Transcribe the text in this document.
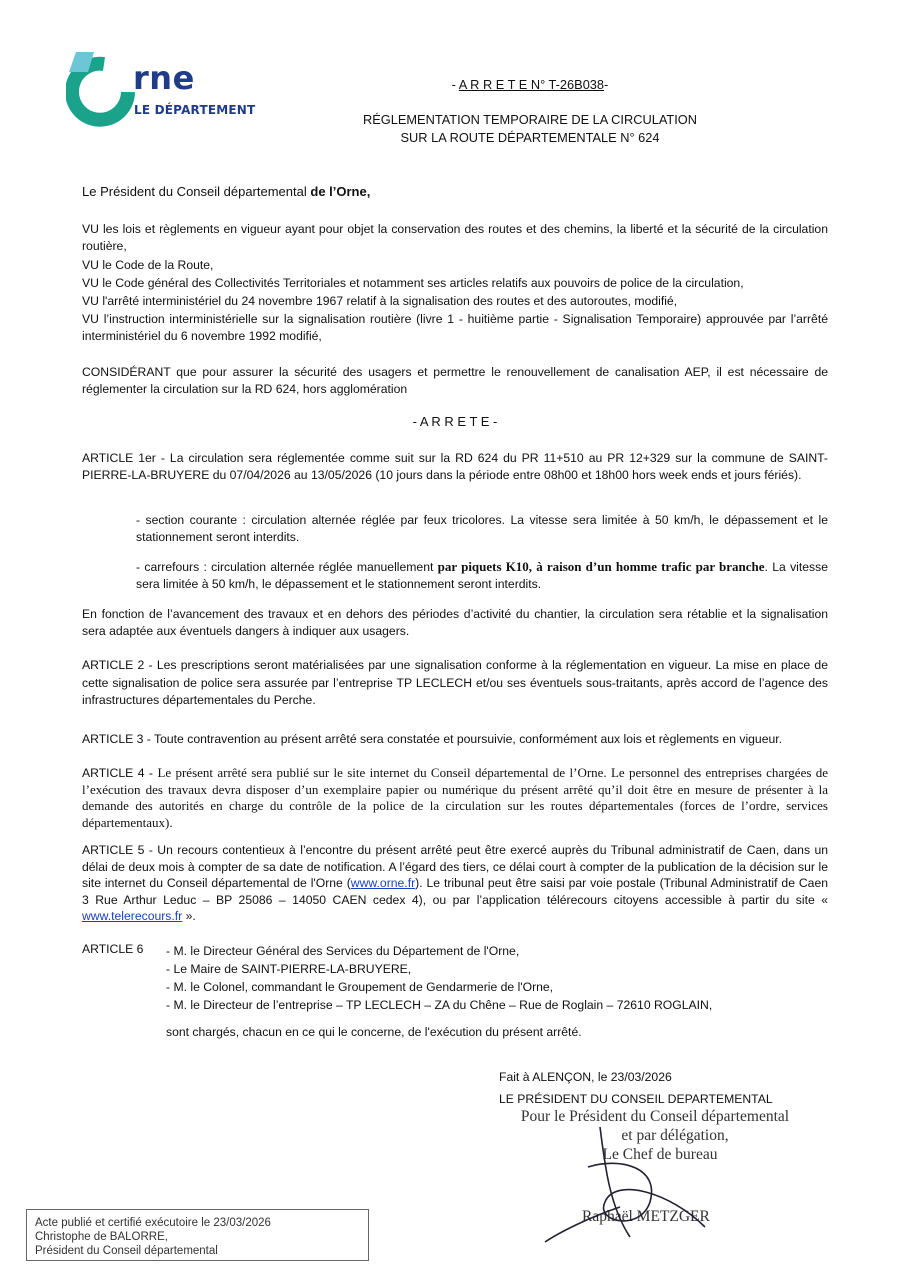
rne
LE DÉPARTEMENT
- A R R E T E N° T-26B038-
RÉGLEMENTATION TEMPORAIRE DE LA CIRCULATION
SUR LA ROUTE DÉPARTEMENTALE N° 624
Le Président du Conseil départemental de l’Orne,
VU les lois et règlements en vigueur ayant pour objet la conservation des routes et des chemins, la liberté et la sécurité de la circulation routière,
VU le Code de la Route,
VU le Code général des Collectivités Territoriales et notamment ses articles relatifs aux pouvoirs de police de la circulation,
VU l'arrêté interministériel du 24 novembre 1967 relatif à la signalisation des routes et des autoroutes, modifié,
VU l’instruction interministérielle sur la signalisation routière (livre 1 - huitième partie - Signalisation Temporaire) approuvée par l’arrêté interministériel du 6 novembre 1992 modifié,
CONSIDÉRANT que pour assurer la sécurité des usagers et permettre le renouvellement de canalisation AEP, il est nécessaire de réglementer la circulation sur la RD 624, hors agglomération
- A R R E T E -
ARTICLE 1er - La circulation sera réglementée comme suit sur la RD 624 du PR 11+510 au PR 12+329 sur la commune de SAINT-PIERRE-LA-BRUYERE du 07/04/2026 au 13/05/2026 (10 jours dans la période entre 08h00 et 18h00 hors week ends et jours fériés).
- section courante : circulation alternée réglée par feux tricolores. La vitesse sera limitée à 50 km/h, le dépassement et le stationnement seront interdits.
- carrefours : circulation alternée réglée manuellement par piquets K10, à raison d’un homme trafic par branche. La vitesse sera limitée à 50 km/h, le dépassement et le stationnement seront interdits.
En fonction de l’avancement des travaux et en dehors des périodes d’activité du chantier, la circulation sera rétablie et la signalisation sera adaptée aux éventuels dangers à indiquer aux usagers.
ARTICLE 2 - Les prescriptions seront matérialisées par une signalisation conforme à la réglementation en vigueur. La mise en place de cette signalisation de police sera assurée par l’entreprise TP LECLECH et/ou ses éventuels sous-traitants, après accord de l’agence des infrastructures départementales du Perche.
ARTICLE 3 - Toute contravention au présent arrêté sera constatée et poursuivie, conformément aux lois et règlements en vigueur.
ARTICLE 4 - Le présent arrêté sera publié sur le site internet du Conseil départemental de l’Orne. Le personnel des entreprises chargées de l’exécution des travaux devra disposer d’un exemplaire papier ou numérique du présent arrêté qu’il doit être en mesure de présenter à la demande des autorités en charge du contrôle de la police de la circulation sur les routes départementales (forces de l’ordre, services départementaux).
ARTICLE 5 - Un recours contentieux à l’encontre du présent arrêté peut être exercé auprès du Tribunal administratif de Caen, dans un délai de deux mois à compter de sa date de notification. A l’égard des tiers, ce délai court à compter de la publication de la décision sur le site internet du Conseil départemental de l'Orne (www.orne.fr). Le tribunal peut être saisi par voie postale (Tribunal Administratif de Caen 3 Rue Arthur Leduc – BP 25086 – 14050 CAEN cedex 4), ou par l’application télérecours citoyens accessible à partir du site « www.telerecours.fr ».
ARTICLE 6 - M. le Directeur Général des Services du Département de l'Orne,
- Le Maire de SAINT-PIERRE-LA-BRUYERE,
- M. le Colonel, commandant le Groupement de Gendarmerie de l'Orne,
- M. le Directeur de l’entreprise – TP LECLECH – ZA du Chêne – Rue de Roglain – 72610 ROGLAIN,
sont chargés, chacun en ce qui le concerne, de l'exécution du présent arrêté.
Fait à ALENÇON, le 23/03/2026
LE PRÉSIDENT DU CONSEIL DEPARTEMENTAL
Pour le Président du Conseil départemental
et par délégation,
Le Chef de bureau
Raphaël METZGER
Acte publié et certifié exécutoire le 23/03/2026
Christophe de BALORRE,
Président du Conseil départemental
